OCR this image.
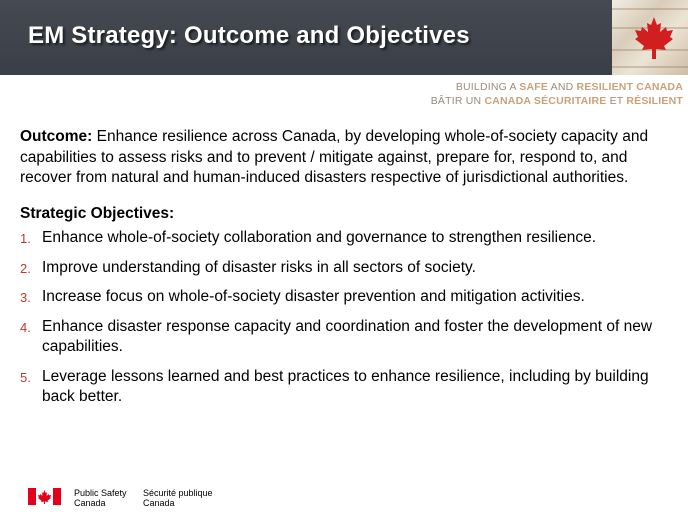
EM Strategy: Outcome and Objectives
BUILDING A SAFE AND RESILIENT CANADA
BÂTIR UN CANADA SÉCURITAIRE ET RÉSILIENT

Outcome: Enhance resilience across Canada, by developing whole-of-society capacity and capabilities to assess risks and to prevent / mitigate against, prepare for, respond to, and recover from natural and human-induced disasters respective of jurisdictional authorities.

Strategic Objectives:

1. Enhance whole-of-society collaboration and governance to strengthen resilience.
2. Improve understanding of disaster risks in all sectors of society.
3. Increase focus on whole-of-society disaster prevention and mitigation activities.
4. Enhance disaster response capacity and coordination and foster the development of new capabilities.
5. Leverage lessons learned and best practices to enhance resilience, including by building back better.
Public Safety
Canada
Sécurité publique
Canada
